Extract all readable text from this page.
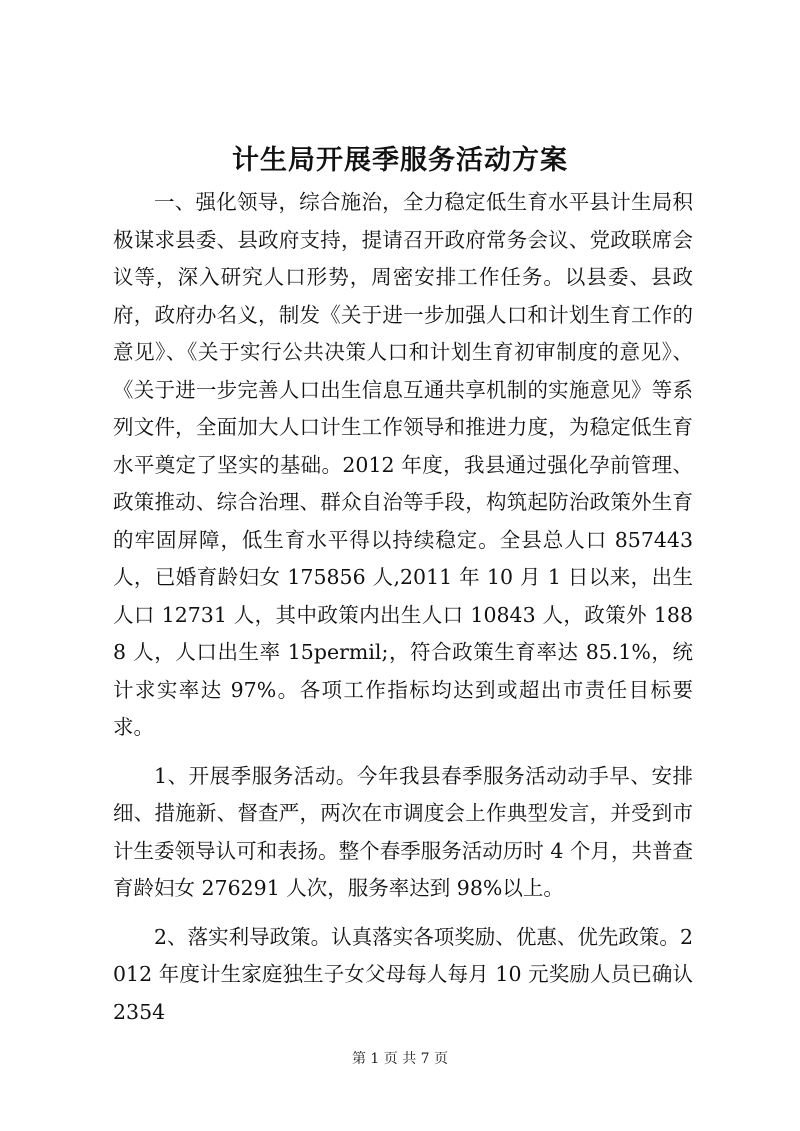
计生局开展季服务活动方案

一、强化领导，综合施治，全力稳定低生育水平县计生局积极谋求县委、县政府支持，提请召开政府常务会议、党政联席会议等，深入研究人口形势，周密安排工作任务。以县委、县政府，政府办名义，制发《关于进一步加强人口和计划生育工作的意见》、《关于实行公共决策人口和计划生育初审制度的意见》、《关于进一步完善人口出生信息互通共享机制的实施意见》等系列文件，全面加大人口计生工作领导和推进力度，为稳定低生育水平奠定了坚实的基础。2012 年度，我县通过强化孕前管理、政策推动、综合治理、群众自治等手段，构筑起防治政策外生育的牢固屏障，低生育水平得以持续稳定。全县总人口 857443 人，已婚育龄妇女 175856 人,2011 年 10 月 1 日以来，出生人口 12731 人，其中政策内出生人口 10843 人，政策外 1888 人，人口出生率 15permil;，符合政策生育率达 85.1%，统计求实率达 97%。各项工作指标均达到或超出市责任目标要求。

1、开展季服务活动。今年我县春季服务活动动手早、安排细、措施新、督查严，两次在市调度会上作典型发言，并受到市计生委领导认可和表扬。整个春季服务活动历时 4 个月，共普查育龄妇女 276291 人次，服务率达到 98%以上。

2、落实利导政策。认真落实各项奖励、优惠、优先政策。2012 年度计生家庭独生子女父母每人每月 10 元奖励人员已确认 2354

第 1 页 共 7 页
